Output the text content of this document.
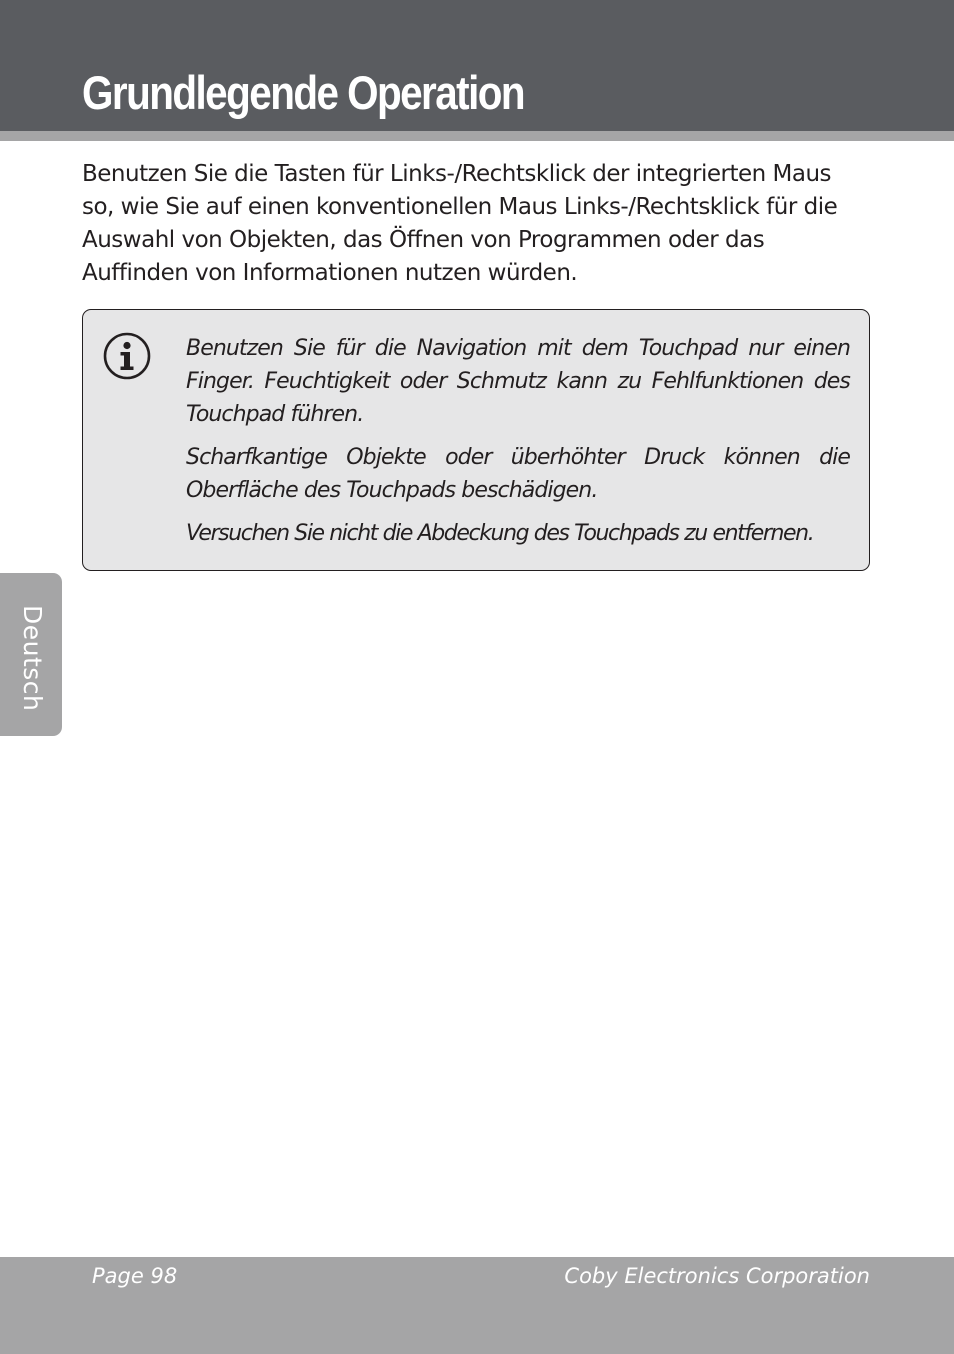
Grundlegende Operation

Benutzen Sie die Tasten für Links-/Rechtsklick der integrierten Maus so, wie Sie auf einen konventionellen Maus Links-/Rechtsklick für die Auswahl von Objekten, das Öffnen von Programmen oder das Auffinden von Informationen nutzen würden.

Benutzen Sie für die Navigation mit dem Touchpad nur einen Finger. Feuchtigkeit oder Schmutz kann zu Fehlfunktionen des Touchpad führen.

Scharfkantige Objekte oder überhöhter Druck können die Oberfläche des Touchpads beschädigen.

Versuchen Sie nicht die Abdeckung des Touchpads zu entfernen.

Deutsch
Page 98	Coby Electronics Corporation
